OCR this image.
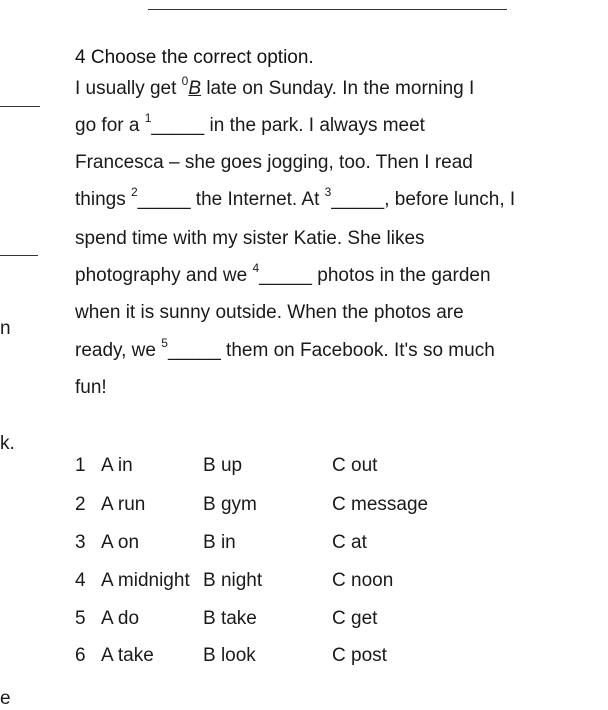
n
k.
e
4 Choose the correct option.
I usually get $^0$B late on Sunday. In the morning I
go for a $^1$_____ in the park. I always meet
Francesca – she goes jogging, too. Then I read
things $^2$_____ the Internet. At $^3$_____, before lunch, I
spend time with my sister Katie. She likes
photography and we $^4$_____ photos in the garden
when it is sunny outside. When the photos are
ready, we $^5$_____ them on Facebook. It's so much
fun!
1 A in	B up	C out
2 A run	B gym	C message
3 A on	B in	C at
4 A midnight B night	C noon
5 A do	B take	C get
6 A take	B look	C post
